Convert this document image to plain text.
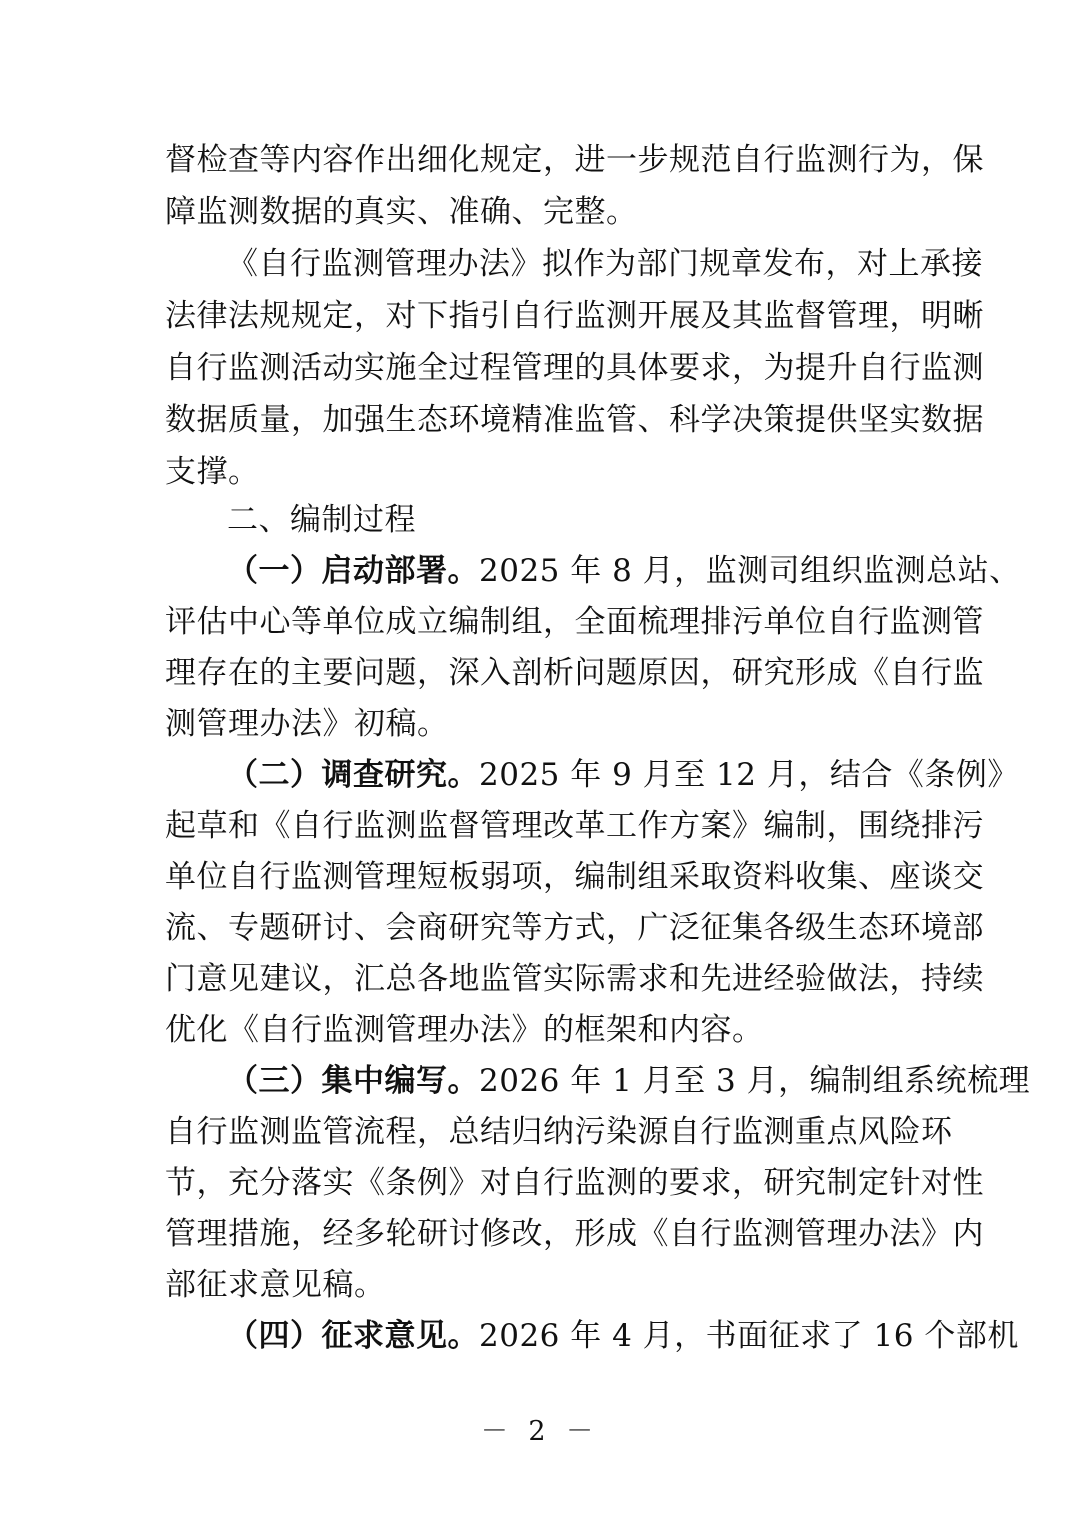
督检查等内容作出细化规定，进一步规范自行监测行为，保
障监测数据的真实、准确、完整。
《自行监测管理办法》拟作为部门规章发布，对上承接
法律法规规定，对下指引自行监测开展及其监督管理，明晰
自行监测活动实施全过程管理的具体要求，为提升自行监测
数据质量，加强生态环境精准监管、科学决策提供坚实数据
支撑。
二、编制过程
（一）启动部署。2025 年 8 月，监测司组织监测总站、
评估中心等单位成立编制组，全面梳理排污单位自行监测管
理存在的主要问题，深入剖析问题原因，研究形成《自行监
测管理办法》初稿。
（二）调查研究。2025 年 9 月至 12 月，结合《条例》
起草和《自行监测监督管理改革工作方案》编制，围绕排污
单位自行监测管理短板弱项，编制组采取资料收集、座谈交
流、专题研讨、会商研究等方式，广泛征集各级生态环境部
门意见建议，汇总各地监管实际需求和先进经验做法，持续
优化《自行监测管理办法》的框架和内容。
（三）集中编写。2026 年 1 月至 3 月，编制组系统梳理
自行监测监管流程，总结归纳污染源自行监测重点风险环
节，充分落实《条例》对自行监测的要求，研究制定针对性
管理措施，经多轮研讨修改，形成《自行监测管理办法》内
部征求意见稿。
（四）征求意见。2026 年 4 月，书面征求了 16 个部机
－ 2 －
